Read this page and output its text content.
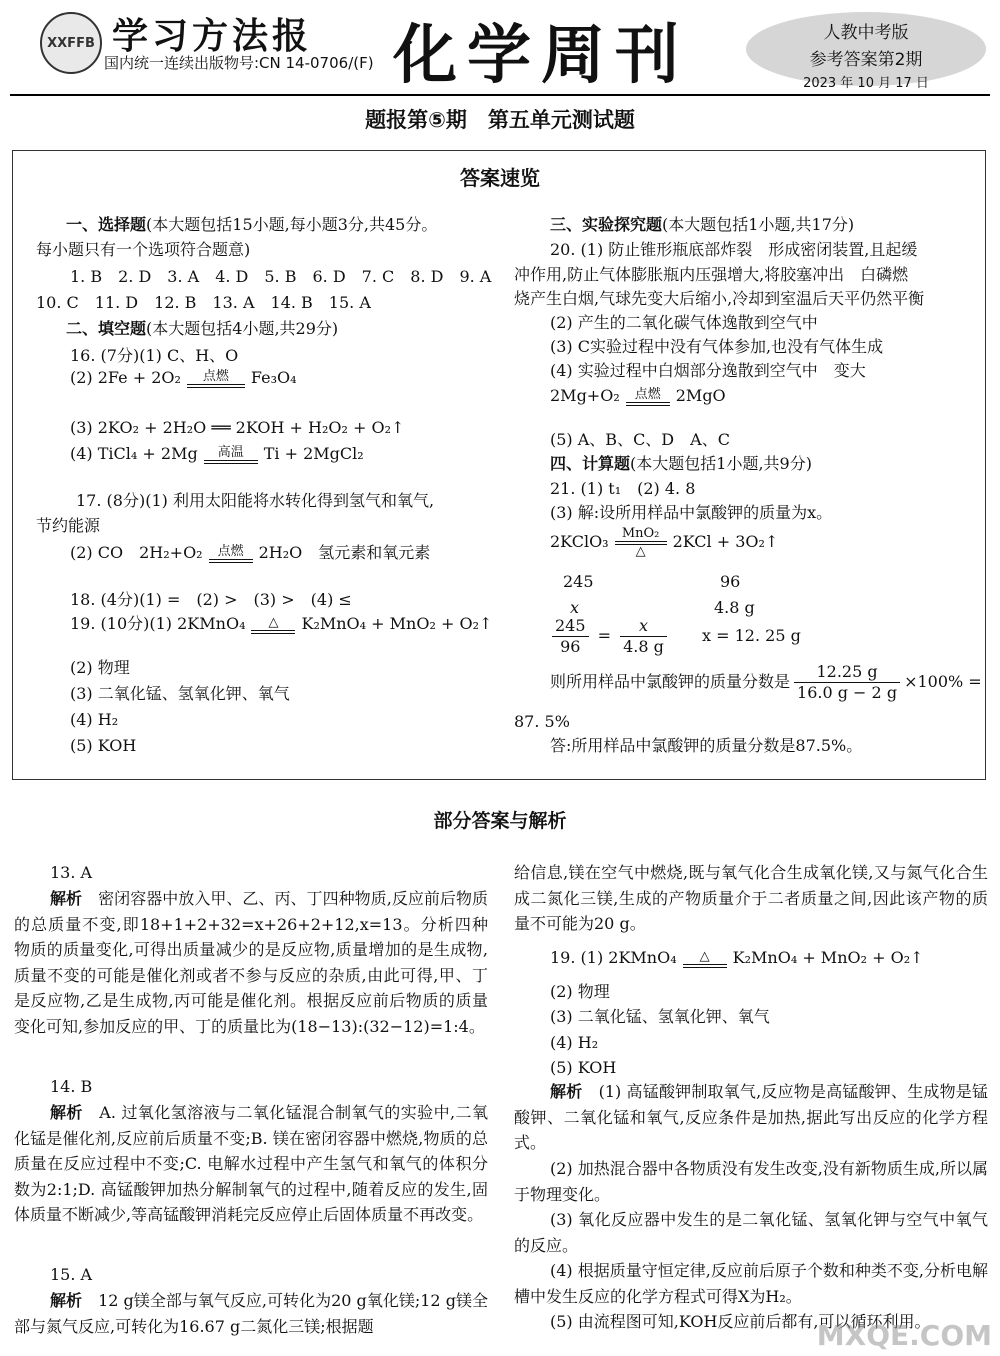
XXFFB 学习方法报
国内统一连续出版物号:CN 14-0706/(F) 化学周刊	人教中考版
参考答案第2期
2023 年 10 月 17 日
题报第⑤期　第五单元测试题
答案速览
一、选择题(本大题包括15小题,每小题3分,共45分。
每小题只有一个选项符合题意)
1. B　2. D　3. A　4. D　5. B　6. D　7. C　8. D　9. A
10. C　11. D　12. B　13. A　14. B　15. A
二、填空题(本大题包括4小题,共29分)
16. (7分)(1) C、H、O
(2) 2Fe + 2O₂	点燃	Fe₃O₄
(3) 2KO₂ + 2H₂O ══ 2KOH + H₂O₂ + O₂↑
(4) TiCl₄ + 2Mg	高温	Ti + 2MgCl₂
17. (8分)(1) 利用太阳能将水转化得到氢气和氧气,
节约能源
(2) CO　2H₂+O₂	点燃 2H₂O　氢元素和氧元素
18. (4分)(1) =　(2) >　(3) >　(4) ≤
19. (10分)(1) 2KMnO₄	△	K₂MnO₄ + MnO₂ + O₂↑
(2) 物理
(3) 二氧化锰、氢氧化钾、氧气
(4) H₂
(5) KOH
三、实验探究题(本大题包括1小题,共17分)
20. (1) 防止锥形瓶底部炸裂　形成密闭装置,且起缓
冲作用,防止气体膨胀瓶内压强增大,将胶塞冲出　白磷燃
烧产生白烟,气球先变大后缩小,冷却到室温后天平仍然平衡
(2) 产生的二氧化碳气体逸散到空气中
(3) C实验过程中没有气体参加,也没有气体生成
(4) 实验过程中白烟部分逸散到空气中　变大
2Mg+O₂	点燃 2MgO
(5) A、B、C、D　A、C
四、计算题(本大题包括1小题,共9分)
21. (1) t₁　(2) 4. 8
(3) 解:设所用样品中氯酸钾的质量为x。
2KClO₃	MnO₂
△
2KCl + 3O₂↑
245	96
x	4.8 g
$\frac{245}{96} = \frac{x}{4.8 g}$ x = 12. 25 g
则所用样品中氯酸钾的质量分数是 $\frac{12.25 g}{16.0 g - 2 g} \times 100\%$ =
87. 5%
答:所用样品中氯酸钾的质量分数是87.5%。
部分答案与解析
13. A
解析　 密闭容器中放入甲、乙、丙、丁四种物质,反应前后物质的总质量不变,即18+1+2+32=x+26+2+12,x=13。分析四种物质的质量变化,可得出质量减少的是反应物,质量增加的是生成物,质量不变的可能是催化剂或者不参与反应的杂质,由此可得,甲、丁是反应物,乙是生成物,丙可能是催化剂。根据反应前后物质的质量变化可知,参加反应的甲、丁的质量比为(18−13):(32−12)=1:4。
14. B
解析　 A. 过氧化氢溶液与二氧化锰混合制氧气的实验中,二氧化锰是催化剂,反应前后质量不变;B. 镁在密闭容器中燃烧,物质的总质量在反应过程中不变;C. 电解水过程中产生氢气和氧气的体积分数为2:1;D. 高锰酸钾加热分解制氧气的过程中,随着反应的发生,固体质量不断减少,等高锰酸钾消耗完反应停止后固体质量不再改变。
15. A
解析　 12 g镁全部与氧气反应,可转化为20 g氧化镁;12 g镁全部与氮气反应,可转化为16.67 g二氮化三镁;根据题
给信息,镁在空气中燃烧,既与氧气化合生成氧化镁,又与氮气化合生成二氮化三镁,生成的产物质量介于二者质量之间,因此该产物的质量不可能为20 g。
19. (1) 2KMnO₄	△	K₂MnO₄ + MnO₂ + O₂↑
(2) 物理
(3) 二氧化锰、氢氧化钾、氧气
(4) H₂
(5) KOH
解析　 (1) 高锰酸钾制取氧气,反应物是高锰酸钾、生成物是锰酸钾、二氧化锰和氧气,反应条件是加热,据此写出反应的化学方程式。
(2) 加热混合器中各物质没有发生改变,没有新物质生成,所以属于物理变化。
(3) 氧化反应器中发生的是二氧化锰、氢氧化钾与空气中氧气的反应。
(4) 根据质量守恒定律,反应前后原子个数和种类不变,分析电解槽中发生反应的化学方程式可得X为H₂。
(5) 由流程图可知,KOH反应前后都有,可以循环利用。
MXQE.COM
